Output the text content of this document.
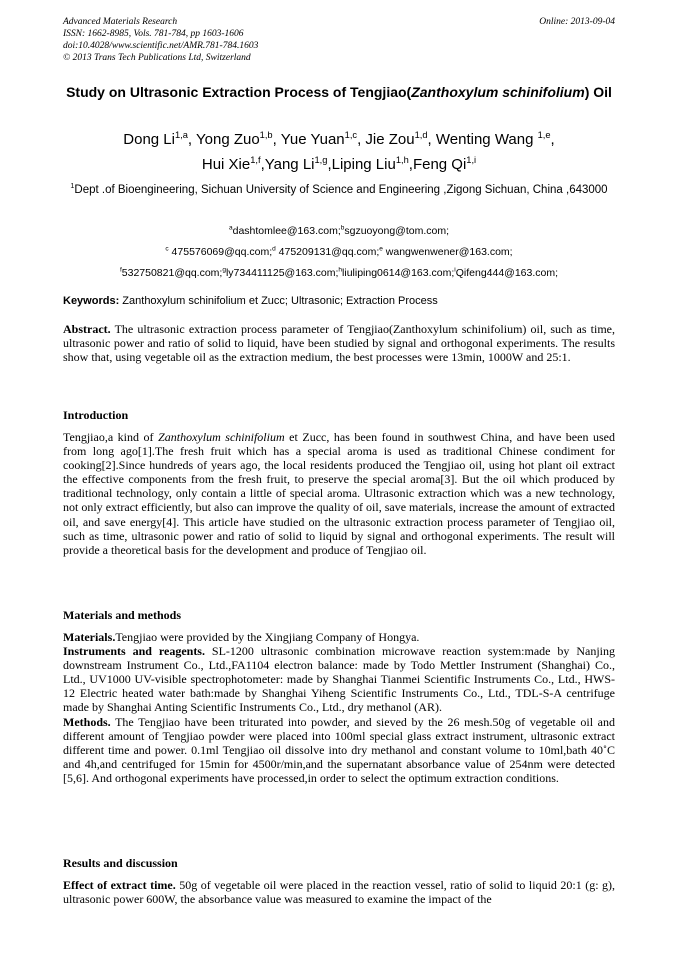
Advanced Materials Research
ISSN: 1662-8985, Vols. 781-784, pp 1603-1606
doi:10.4028/www.scientific.net/AMR.781-784.1603
© 2013 Trans Tech Publications Ltd, Switzerland
Online: 2013-09-04
Study on Ultrasonic Extraction Process of Tengjiao(Zanthoxylum schinifolium) Oil
Dong Li$^{1,a}$, Yong Zuo$^{1,b}$, Yue Yuan$^{1,c}$, Jie Zou$^{1,d}$, Wenting Wang $^{1,e}$,
Hui Xie$^{1,f}$,Yang Li$^{1,g}$,Liping Liu$^{1,h}$,Feng Qi$^{1,i}$
$^1$Dept .of Bioengineering, Sichuan University of Science and Engineering ,Zigong Sichuan, China ,643000
$^a$dashtomlee@163.com;$^b$sgzuoyong@tom.com;
$^c$ 475576069@qq.com;$^d$ 475209131@qq.com;$^e$ wangwenwener@163.com;
$^f$532750821@qq.com;$^g$ly734411125@163.com;$^h$liuliping0614@163.com;$^i$Qifeng444@163.com;
Keywords: Zanthoxylum schinifolium et Zucc; Ultrasonic; Extraction Process
Abstract. The ultrasonic extraction process parameter of Tengjiao(Zanthoxylum schinifolium) oil, such as time, ultrasonic power and ratio of solid to liquid, have been studied by signal and orthogonal experiments. The results show that, using vegetable oil as the extraction medium, the best processes were 13min, 1000W and 25:1.
Introduction
Tengjiao,a kind of Zanthoxylum schinifolium et Zucc, has been found in southwest China, and have been used from long ago[1].The fresh fruit which has a special aroma is used as traditional Chinese condiment for cooking[2].Since hundreds of years ago, the local residents produced the Tengjiao oil, using hot plant oil extract the effective components from the fresh fruit, to preserve the special aroma[3]. But the oil which produced by traditional technology, only contain a little of special aroma. Ultrasonic extraction which was a new technology, not only extract efficiently, but also can improve the quality of oil, save materials, increase the amount of extracted oil, and save energy[4]. This article have studied on the ultrasonic extraction process parameter of Tengjiao oil, such as time, ultrasonic power and ratio of solid to liquid by signal and orthogonal experiments. The result will provide a theoretical basis for the development and produce of Tengjiao oil.
Materials and methods
Materials.Tengjiao were provided by the Xingjiang Company of Hongya.
Instruments and reagents. SL-1200 ultrasonic combination microwave reaction system:made by Nanjing downstream Instrument Co., Ltd.,FA1104 electron balance: made by Todo Mettler Instrument (Shanghai) Co., Ltd., UV1000 UV-visible spectrophotometer: made by Shanghai Tianmei Scientific Instruments Co., Ltd., HWS-12 Electric heated water bath:made by Shanghai Yiheng Scientific Instruments Co., Ltd., TDL-S-A centrifuge made by Shanghai Anting Scientific Instruments Co., Ltd., dry methanol (AR).
Methods. The Tengjiao have been triturated into powder, and sieved by the 26 mesh.50g of vegetable oil and different amount of Tengjiao powder were placed into 100ml special glass extract instrument, ultrasonic extract different time and power. 0.1ml Tengjiao oil dissolve into dry methanol and constant volume to 10ml,bath 40˚C and 4h,and centrifuged for 15min for 4500r/min,and the supernatant absorbance value of 254nm were detected [5,6]. And orthogonal experiments have processed,in order to select the optimum extraction conditions.
Results and discussion
Effect of extract time. 50g of vegetable oil were placed in the reaction vessel, ratio of solid to liquid 20:1 (g: g), ultrasonic power 600W, the absorbance value was measured to examine the impact of the
